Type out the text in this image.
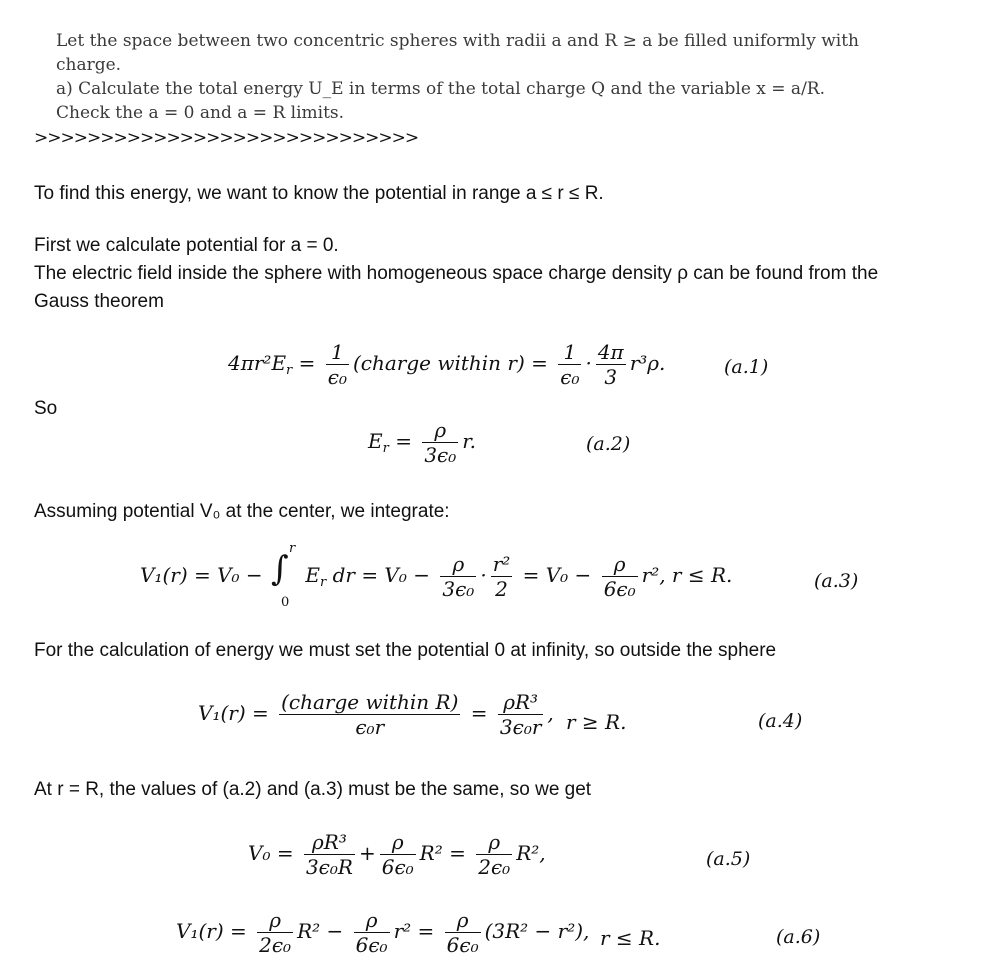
Let the space between two concentric spheres with radii a and R ≥ a be filled uniformly with
charge.
a) Calculate the total energy U_E in terms of the total charge Q and the variable x = a/R.
Check the a = 0 and a = R limits.
>>>>>>>>>>>>>>>>>>>>>>>>>>>>>
To find this energy, we want to know the potential in range a ≤ r ≤ R.
First we calculate potential for a = 0.
The electric field inside the sphere with homogeneous space charge density ρ can be found from the
Gauss theorem
$4\pi r^2E_r = \frac{1}{\text{ϵ₀}}$ (charge within $r) = \frac{1}{\text{ϵ₀}} \cdot \frac{4\pi}{3} r^3\rho$.	(a.1)
So
$E_r = \frac{\rho}{\text{3ϵ₀}} r$.	(a.2)
Assuming potential V₀ at the center, we integrate:
V₁(r) = V₀ − ∫
r
0
$E_r$ dr = $V_0 - \frac{\rho}{\text{3ϵ₀}} \cdot \frac{\text{r²}}{2} = V_0 - \frac{\rho}{\text{6ϵ₀}} r^2$, r ≤ R.	(a.3)
For the calculation of energy we must set the potential 0 at infinity, so outside the sphere
V₁(r) = (charge within R)
ϵ₀r
= $\frac{\text{ρR³}}{\text{3ϵ₀r}}$ , r ≥ R.	(a.4)
At r = R, the values of (a.2) and (a.3) must be the same, so we get
$V_0 = \frac{\text{ρR³}}{\text{3ϵ₀R}} + \frac{\rho}{\text{6ϵ₀}} R^2 = \frac{\rho}{\text{2ϵ₀}} R^2$,	(a.5)
$V_1(r) = \frac{\rho}{\text{2ϵ₀}} R^2 - \frac{\rho}{\text{6ϵ₀}} r^2 = \frac{\rho}{\text{6ϵ₀}} (3R^2 - r^2)$, r ≤ R.	(a.6)
